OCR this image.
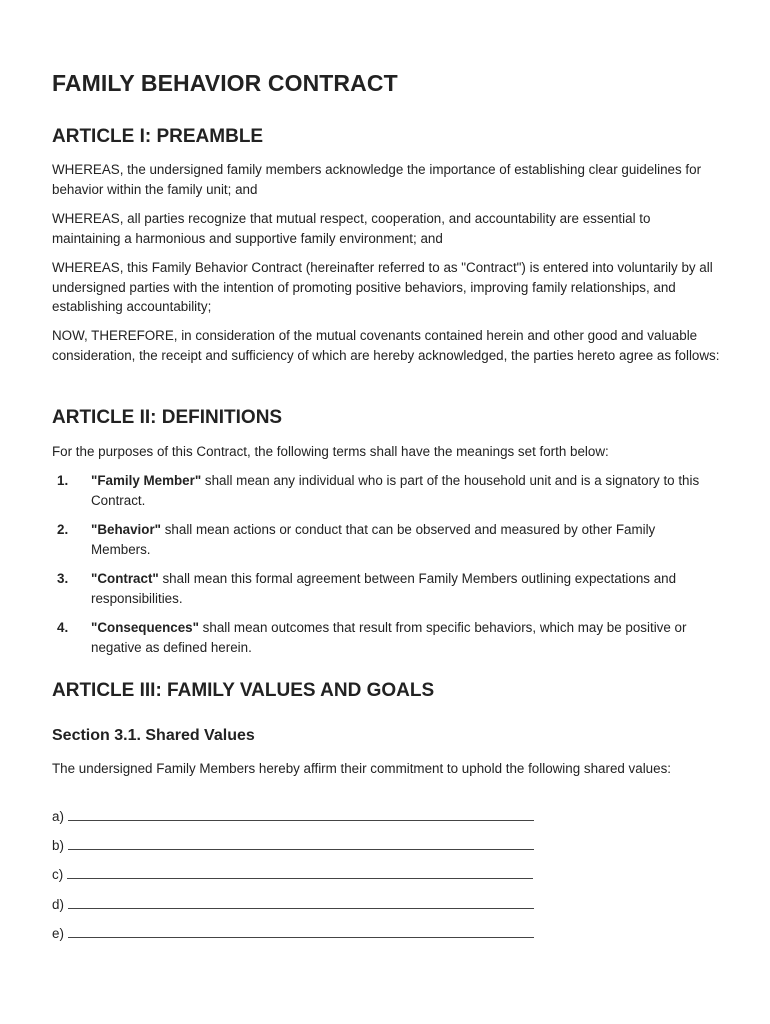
FAMILY BEHAVIOR CONTRACT
ARTICLE I: PREAMBLE

WHEREAS, the undersigned family members acknowledge the importance of establishing clear guidelines for behavior within the family unit; and

WHEREAS, all parties recognize that mutual respect, cooperation, and accountability are essential to maintaining a harmonious and supportive family environment; and

WHEREAS, this Family Behavior Contract (hereinafter referred to as "Contract") is entered into voluntarily by all undersigned parties with the intention of promoting positive behaviors, improving family relationships, and establishing accountability;

NOW, THEREFORE, in consideration of the mutual covenants contained herein and other good and valuable consideration, the receipt and sufficiency of which are hereby acknowledged, the parties hereto agree as follows:

ARTICLE II: DEFINITIONS

For the purposes of this Contract, the following terms shall have the meanings set forth below:

1. "Family Member" shall mean any individual who is part of the household unit and is a signatory to this Contract.
2. "Behavior" shall mean actions or conduct that can be observed and measured by other Family Members.
3. "Contract" shall mean this formal agreement between Family Members outlining expectations and responsibilities.
4. "Consequences" shall mean outcomes that result from specific behaviors, which may be positive or negative as defined herein.
ARTICLE III: FAMILY VALUES AND GOALS
Section 3.1. Shared Values

The undersigned Family Members hereby affirm their commitment to uphold the following shared values:

a)
b)
c)
d)
e)
